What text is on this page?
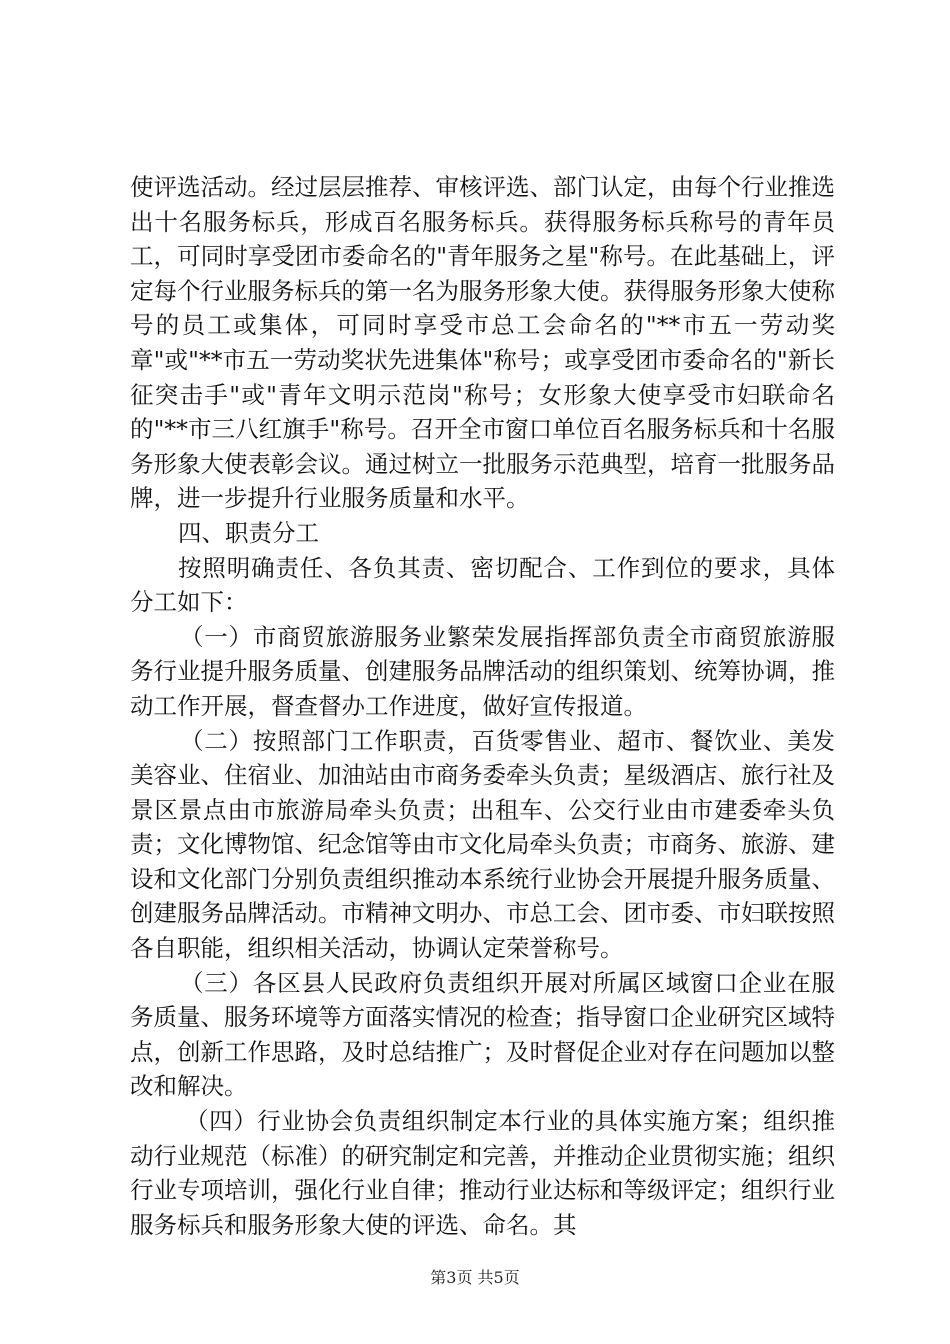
使评选活动。经过层层推荐、审核评选、部门认定，由每个行业推选出十名服务标兵，形成百名服务标兵。获得服务标兵称号的青年员工，可同时享受团市委命名的"青年服务之星"称号。在此基础上，评定每个行业服务标兵的第一名为服务形象大使。获得服务形象大使称号的员工或集体，可同时享受市总工会命名的"**市五一劳动奖章"或"**市五一劳动奖状先进集体"称号；或享受团市委命名的"新长征突击手"或"青年文明示范岗"称号；女形象大使享受市妇联命名的"**市三八红旗手"称号。召开全市窗口单位百名服务标兵和十名服务形象大使表彰会议。通过树立一批服务示范典型，培育一批服务品牌，进一步提升行业服务质量和水平。

四、职责分工

按照明确责任、各负其责、密切配合、工作到位的要求，具体分工如下：

（一）市商贸旅游服务业繁荣发展指挥部负责全市商贸旅游服务行业提升服务质量、创建服务品牌活动的组织策划、统筹协调，推动工作开展，督查督办工作进度，做好宣传报道。

（二）按照部门工作职责，百货零售业、超市、餐饮业、美发美容业、住宿业、加油站由市商务委牵头负责；星级酒店、旅行社及景区景点由市旅游局牵头负责；出租车、公交行业由市建委牵头负责；文化博物馆、纪念馆等由市文化局牵头负责；市商务、旅游、建设和文化部门分别负责组织推动本系统行业协会开展提升服务质量、创建服务品牌活动。市精神文明办、市总工会、团市委、市妇联按照各自职能，组织相关活动，协调认定荣誉称号。

（三）各区县人民政府负责组织开展对所属区域窗口企业在服务质量、服务环境等方面落实情况的检查；指导窗口企业研究区域特点，创新工作思路，及时总结推广；及时督促企业对存在问题加以整改和解决。

（四）行业协会负责组织制定本行业的具体实施方案；组织推动行业规范（标准）的研究制定和完善，并推动企业贯彻实施；组织行业专项培训，强化行业自律；推动行业达标和等级评定；组织行业服务标兵和服务形象大使的评选、命名。其

第3页 共5页
